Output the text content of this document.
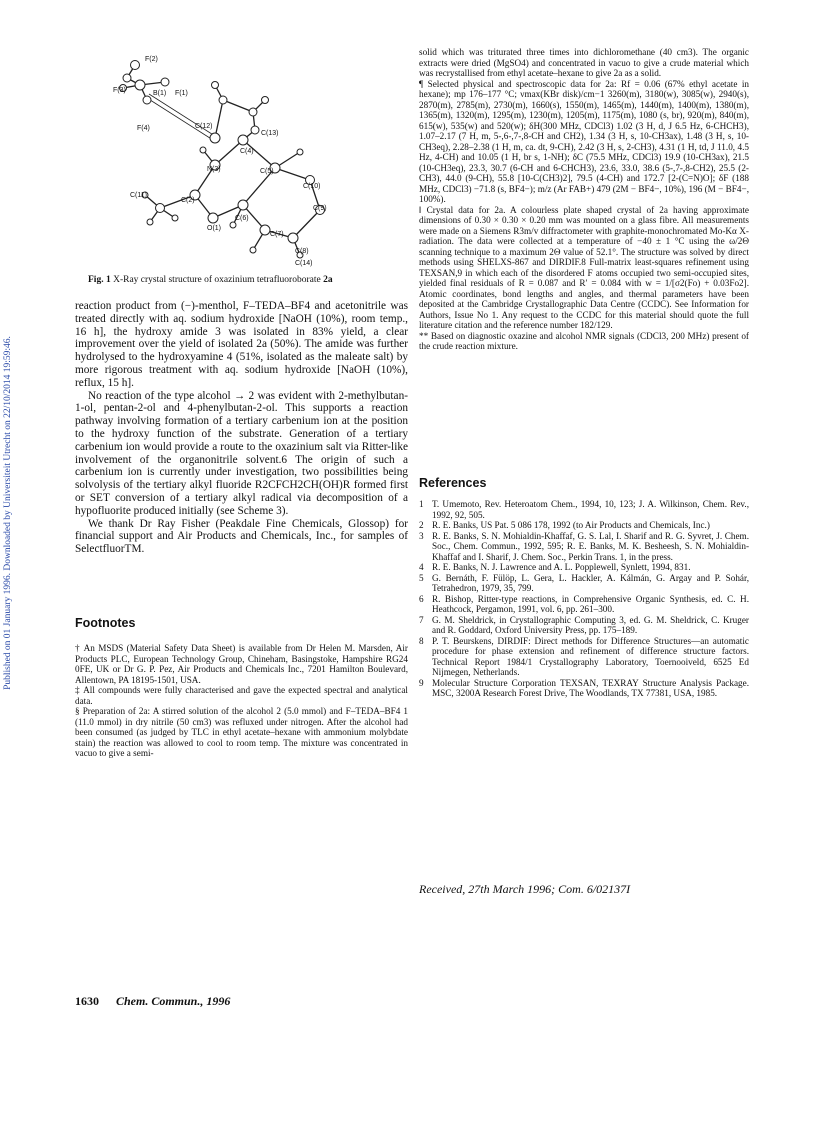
Published on 01 January 1996. Downloaded by Universiteit Utrecht on 22/10/2014 19:59:46.
F(2)
F(3)	B(1) F(1)
F(4)	C(12)
C(13)
C(4)
N(3)	C(5)
C(10)
C(11)
C(2)
C(9)
C(6)
O(1)
C(7)
C(8)
C(14)
Fig. 1 X-Ray crystal structure of oxazinium tetrafluoroborate 2a

reaction product from (−)-menthol, F–TEDA–BF4 and acetonitrile was treated directly with aq. sodium hydroxide [NaOH (10%), room temp., 16 h], the hydroxy amide 3 was isolated in 83% yield, a clear improvement over the yield of isolated 2a (50%). The amide was further hydrolysed to the hydroxyamine 4 (51%, isolated as the maleate salt) by more rigorous treatment with aq. sodium hydroxide [NaOH (10%), reflux, 15 h].

No reaction of the type alcohol → 2 was evident with 2-methylbutan-1-ol, pentan-2-ol and 4-phenylbutan-2-ol. This supports a reaction pathway involving formation of a tertiary carbenium ion at the position to the hydroxy function of the substrate. Generation of a tertiary carbenium ion would provide a route to the oxazinium salt via Ritter-like involvement of the organonitrile solvent.6 The origin of such a carbenium ion is currently under investigation, two possibilities being solvolysis of the tertiary alkyl fluoride R2CFCH2CH(OH)R formed first or SET conversion of a tertiary alkyl radical via decomposition of a hypofluorite produced initially (see Scheme 3).

We thank Dr Ray Fisher (Peakdale Fine Chemicals, Glossop) for financial support and Air Products and Chemicals, Inc., for samples of SelectfluorTM.

Footnotes

† An MSDS (Material Safety Data Sheet) is available from Dr Helen M. Marsden, Air Products PLC, European Technology Group, Chineham, Basingstoke, Hampshire RG24 0FE, UK or Dr G. P. Pez, Air Products and Chemicals Inc., 7201 Hamilton Boulevard, Allentown, PA 18195-1501, USA.

‡ All compounds were fully characterised and gave the expected spectral and analytical data.

§ Preparation of 2a: A stirred solution of the alcohol 2 (5.0 mmol) and F–TEDA–BF4 1 (11.0 mmol) in dry nitrile (50 cm3) was refluxed under nitrogen. After the alcohol had been consumed (as judged by TLC in ethyl acetate–hexane with ammonium molybdate stain) the reaction was allowed to cool to room temp. The mixture was concentrated in vacuo to give a semi-

solid which was triturated three times into dichloromethane (40 cm3). The organic extracts were dried (MgSO4) and concentrated in vacuo to give a crude material which was recrystallised from ethyl acetate–hexane to give 2a as a solid.

¶ Selected physical and spectroscopic data for 2a: Rf = 0.06 (67% ethyl acetate in hexane); mp 176–177 °C; νmax(KBr disk)/cm−1 3260(m), 3180(w), 3085(w), 2940(s), 2870(m), 2785(m), 2730(m), 1660(s), 1550(m), 1465(m), 1440(m), 1400(m), 1380(m), 1365(m), 1320(m), 1295(m), 1230(m), 1205(m), 1175(m), 1080 (s, br), 920(m), 840(m), 615(w), 535(w) and 520(w); δH(300 MHz, CDCl3) 1.02 (3 H, d, J 6.5 Hz, 6-CHCH3), 1.07–2.17 (7 H, m, 5-,6-,7-,8-CH and CH2), 1.34 (3 H, s, 10-CH3ax), 1.48 (3 H, s, 10-CH3eq), 2.28–2.38 (1 H, m, ca. dt, 9-CH), 2.42 (3 H, s, 2-CH3), 4.31 (1 H, td, J 11.0, 4.5 Hz, 4-CH) and 10.05 (1 H, br s, 1-NH); δC (75.5 MHz, CDCl3) 19.9 (10-CH3ax), 21.5 (10-CH3eq), 23.3, 30.7 (6-CH and 6-CHCH3), 23.6, 33.0, 38.6 (5-,7-,8-CH2), 25.5 (2-CH3), 44.0 (9-CH), 55.8 [10-C(CH3)2], 79.5 (4-CH) and 172.7 [2-(C=N)O]; δF (188 MHz, CDCl3) −71.8 (s, BF4−); m/z (Ar FAB+) 479 (2M − BF4−, 10%), 196 (M − BF4−, 100%).

‖ Crystal data for 2a. A colourless plate shaped crystal of 2a having approximate dimensions of 0.30 × 0.30 × 0.20 mm was mounted on a glass fibre. All measurements were made on a Siemens R3m/v diffractometer with graphite-monochromated Mo-Kα X-radiation. The data were collected at a temperature of −40 ± 1 °C using the ω/2Θ scanning technique to a maximum 2Θ value of 52.1°. The structure was solved by direct methods using SHELXS-867 and DIRDIF.8 Full-matrix least-squares refinement using TEXSAN,9 in which each of the disordered F atoms occupied two semi-occupied sites, yielded final residuals of R = 0.087 and R′ = 0.084 with w = 1/[σ2(Fo) + 0.03Fo2]. Atomic coordinates, bond lengths and angles, and thermal parameters have been deposited at the Cambridge Crystallographic Data Centre (CCDC). See Information for Authors, Issue No 1. Any request to the CCDC for this material should quote the full literature citation and the reference number 182/129.

** Based on diagnostic oxazine and alcohol NMR signals (CDCl3, 200 MHz) present of the crude reaction mixture.

References

1 T. Umemoto, Rev. Heteroatom Chem., 1994, 10, 123; J. A. Wilkinson, Chem. Rev., 1992, 92, 505.

2 R. E. Banks, US Pat. 5 086 178, 1992 (to Air Products and Chemicals, Inc.)

3 R. E. Banks, S. N. Mohialdin-Khaffaf, G. S. Lal, I. Sharif and R. G. Syvret, J. Chem. Soc., Chem. Commun., 1992, 595; R. E. Banks, M. K. Besheesh, S. N. Mohialdin-Khaffaf and I. Sharif, J. Chem. Soc., Perkin Trans. 1, in the press.

4 R. E. Banks, N. J. Lawrence and A. L. Popplewell, Synlett, 1994, 831.

5 G. Bernáth, F. Fülöp, L. Gera, L. Hackler, A. Kálmán, G. Argay and P. Sohár, Tetrahedron, 1979, 35, 799.

6 R. Bishop, Ritter-type reactions, in Comprehensive Organic Synthesis, ed. C. H. Heathcock, Pergamon, 1991, vol. 6, pp. 261–300.

7 G. M. Sheldrick, in Crystallographic Computing 3, ed. G. M. Sheldrick, C. Kruger and R. Goddard, Oxford University Press, pp. 175–189.

8 P. T. Beurskens, DIRDIF: Direct methods for Difference Structures—an automatic procedure for phase extension and refinement of difference structure factors. Technical Report 1984/1 Crystallography Laboratory, Toernooiveld, 6525 Ed Nijmegen, Netherlands.

9 Molecular Structure Corporation TEXSAN, TEXRAY Structure Analysis Package. MSC, 3200A Research Forest Drive, The Woodlands, TX 77381, USA, 1985.

Received, 27th March 1996; Com. 6/02137I
1630 Chem. Commun., 1996
